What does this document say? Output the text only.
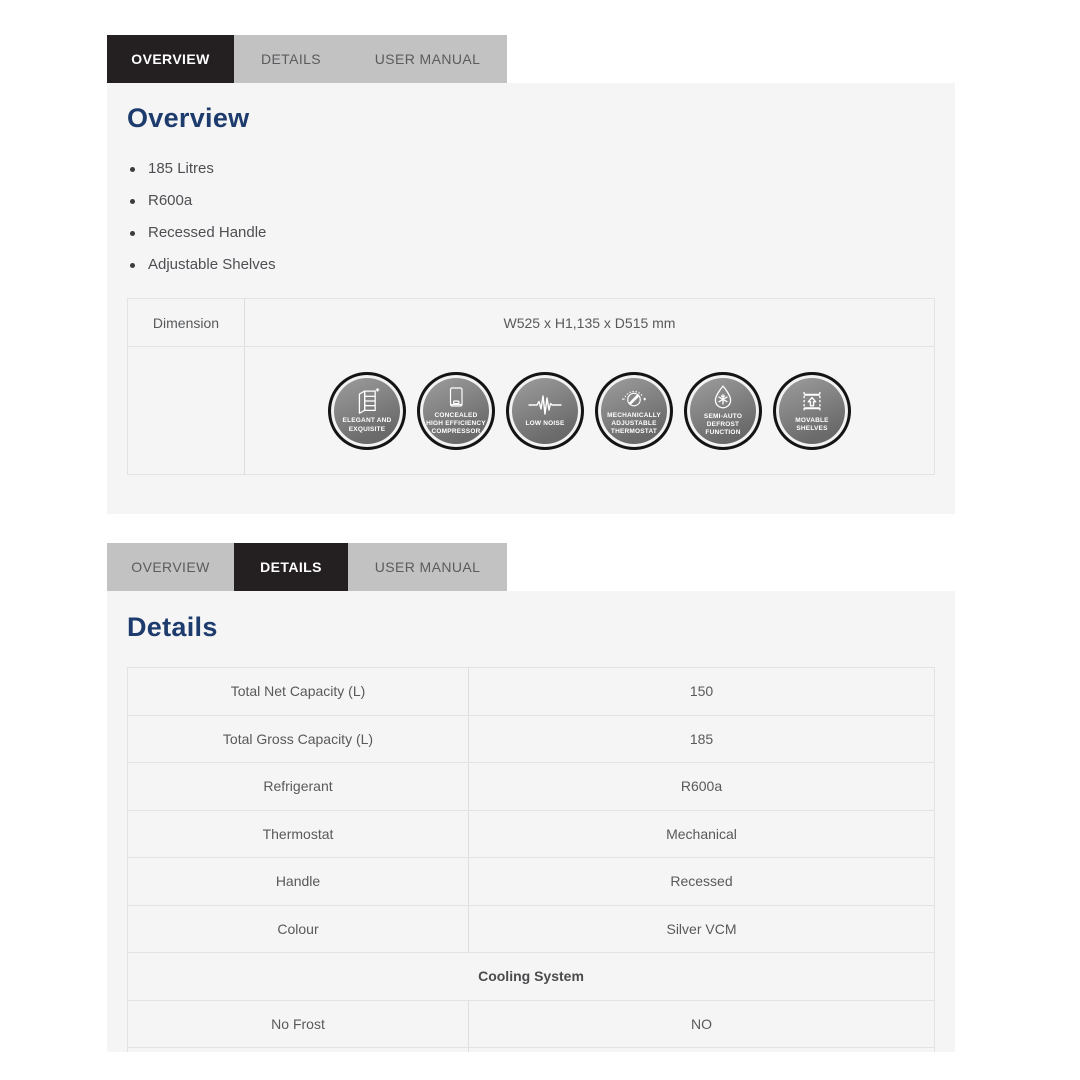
OVERVIEW	DETAILS	USER MANUAL
Overview
185 Litres
R600a
Recessed Handle
Adjustable Shelves
Dimension	W525 x H1,135 x D515 mm
ELEGANT AND EXQUISITE
CONCEALED HIGH EFFICIENCY COMPRESSOR
LOW NOISE
MECHANICALLY ADJUSTABLE THERMOSTAT
SEMI-AUTO DEFROST FUNCTION
MOVABLE SHELVES
OVERVIEW	DETAILS	USER MANUAL
Details
Total Net Capacity (L)	150
Total Gross Capacity (L)	185
Refrigerant	R600a
Thermostat	Mechanical
Handle	Recessed
Colour	Silver VCM
Cooling System
No Frost	NO
